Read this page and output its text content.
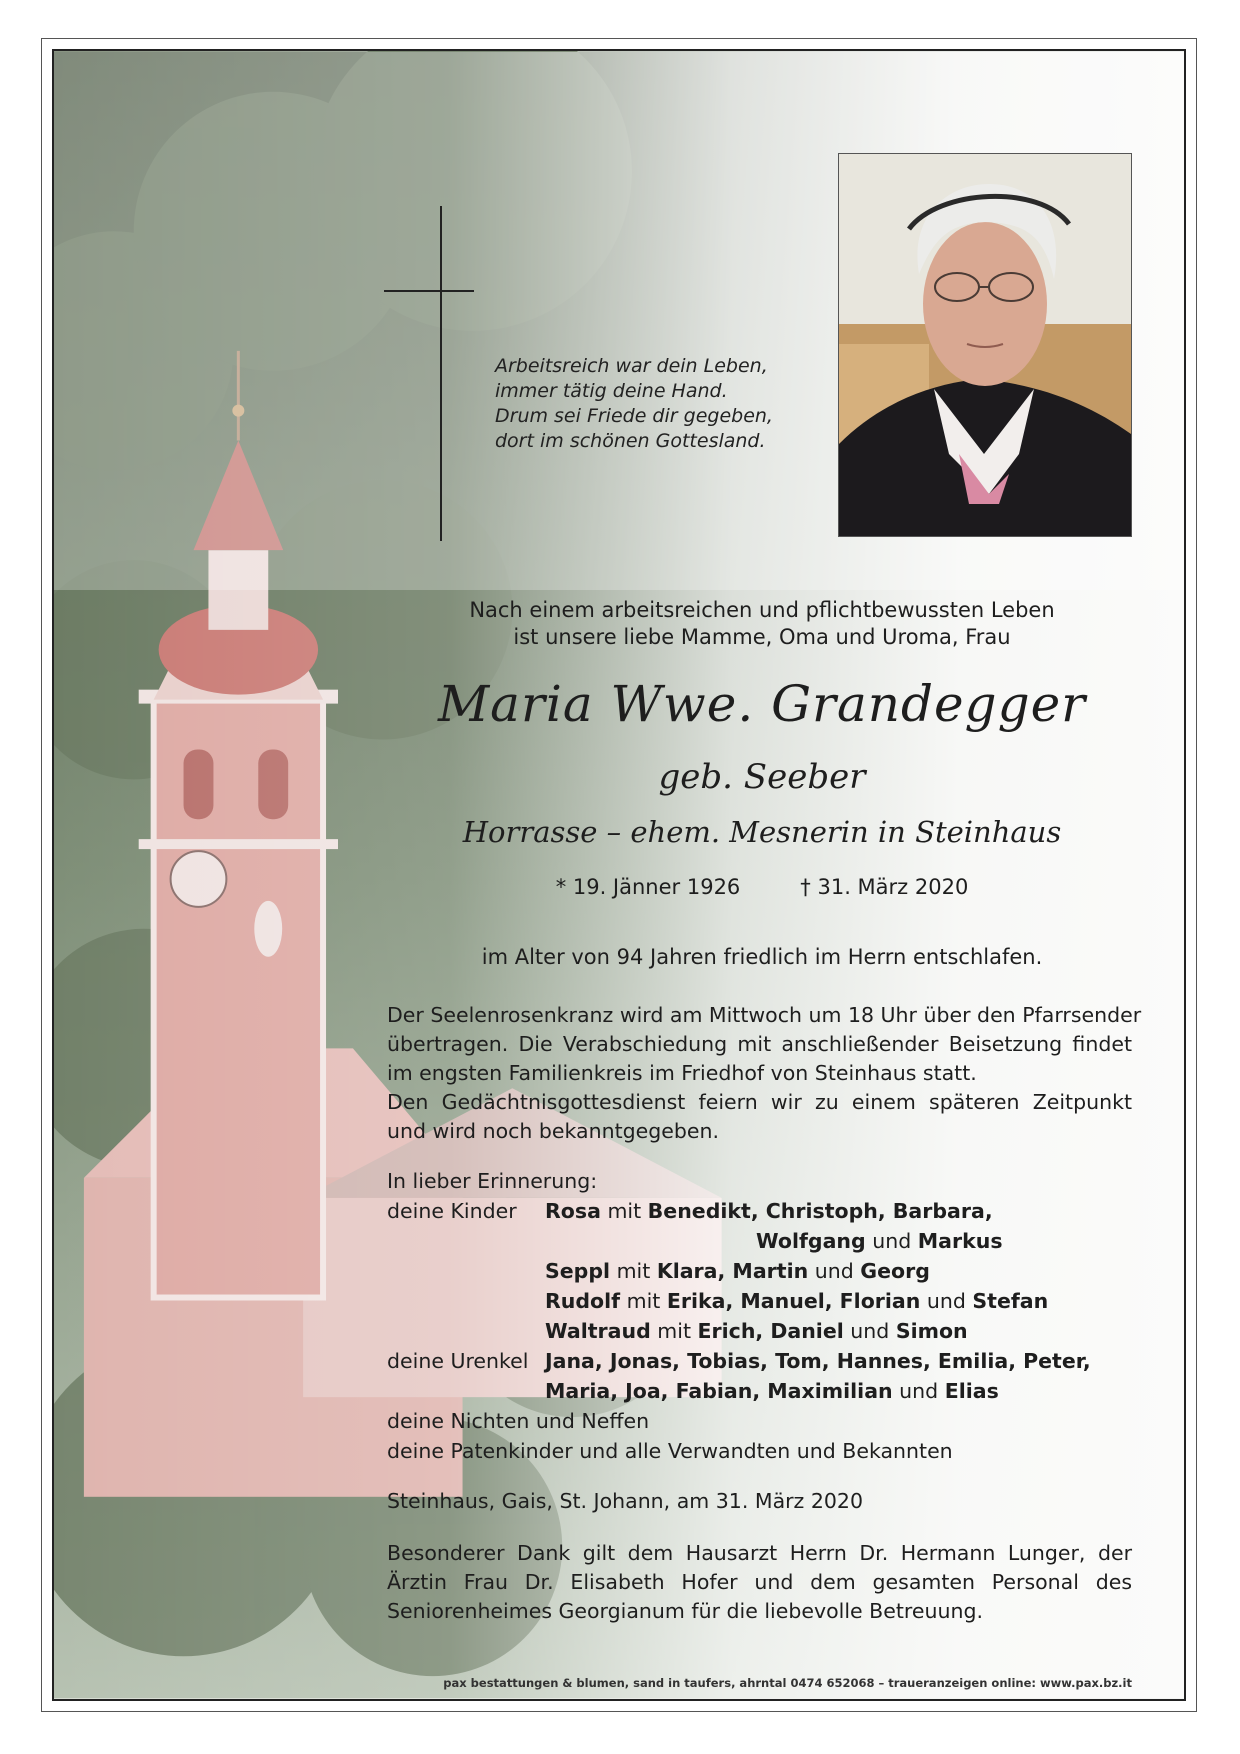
Arbeitsreich war dein Leben,
immer tätig deine Hand.
Drum sei Friede dir gegeben,
dort im schönen Gottesland.
Nach einem arbeitsreichen und pflichtbewussten Leben
ist unsere liebe Mamme, Oma und Uroma, Frau
Maria Wwe. Grandegger
geb. Seeber
Horrasse – ehem. Mesnerin in Steinhaus
* 19. Jänner 1926	† 31. März 2020
im Alter von 94 Jahren friedlich im Herrn entschlafen.
Der Seelenrosenkranz wird am Mittwoch um 18 Uhr über den Pfarrsender
übertragen. Die Verabschiedung mit anschließender Beisetzung findet
im engsten Familienkreis im Friedhof von Steinhaus statt.
Den Gedächtnisgottesdienst feiern wir zu einem späteren Zeitpunkt
und wird noch bekanntgegeben.
In lieber Erinnerung:
deine Kinder Rosa mit Benedikt, Christoph, Barbara,
Wolfgang und Markus
Seppl mit Klara, Martin und Georg
Rudolf mit Erika, Manuel, Florian und Stefan
Waltraud mit Erich, Daniel und Simon
deine Urenkel Jana, Jonas, Tobias, Tom, Hannes, Emilia, Peter,
Maria, Joa, Fabian, Maximilian und Elias
deine Nichten und Neffen
deine Patenkinder und alle Verwandten und Bekannten
Steinhaus, Gais, St. Johann, am 31. März 2020
Besonderer Dank gilt dem Hausarzt Herrn Dr. Hermann Lunger, der
Ärztin Frau Dr. Elisabeth Hofer und dem gesamten Personal des
Seniorenheimes Georgianum für die liebevolle Betreuung.
pax bestattungen & blumen, sand in taufers, ahrntal 0474 652068 – traueranzeigen online: www.pax.bz.it
